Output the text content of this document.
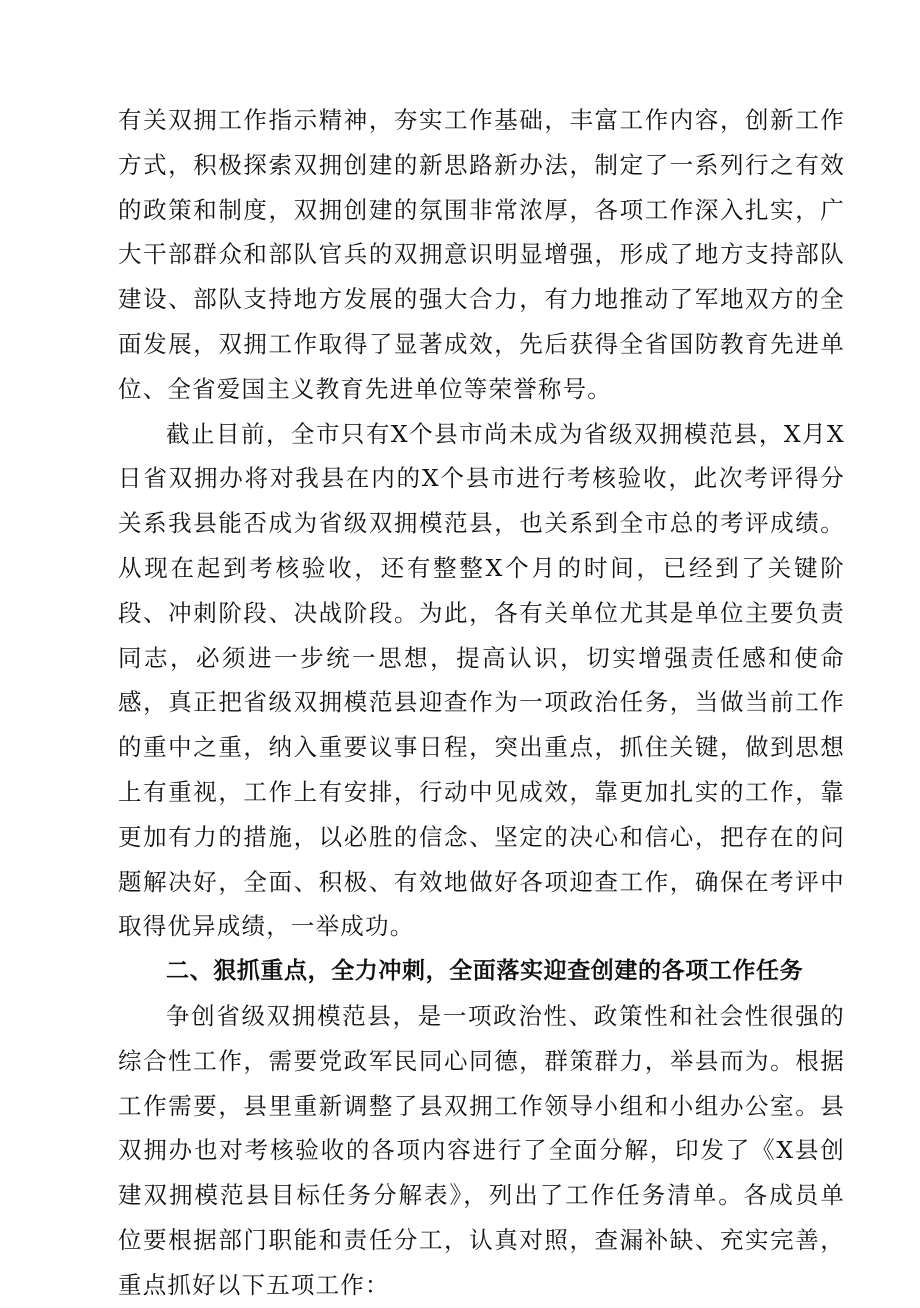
有关双拥工作指示精神，夯实工作基础，丰富工作内容，创新工作方式，积极探索双拥创建的新思路新办法，制定了一系列行之有效的政策和制度，双拥创建的氛围非常浓厚，各项工作深入扎实，广大干部群众和部队官兵的双拥意识明显增强，形成了地方支持部队建设、部队支持地方发展的强大合力，有力地推动了军地双方的全面发展，双拥工作取得了显著成效，先后获得全省国防教育先进单位、全省爱国主义教育先进单位等荣誉称号。

截止目前，全市只有X个县市尚未成为省级双拥模范县，X月X日省双拥办将对我县在内的X个县市进行考核验收，此次考评得分关系我县能否成为省级双拥模范县，也关系到全市总的考评成绩。从现在起到考核验收，还有整整X个月的时间，已经到了关键阶段、冲刺阶段、决战阶段。为此，各有关单位尤其是单位主要负责同志，必须进一步统一思想，提高认识，切实增强责任感和使命感，真正把省级双拥模范县迎查作为一项政治任务，当做当前工作的重中之重，纳入重要议事日程，突出重点，抓住关键，做到思想上有重视，工作上有安排，行动中见成效，靠更加扎实的工作，靠更加有力的措施，以必胜的信念、坚定的决心和信心，把存在的问题解决好，全面、积极、有效地做好各项迎查工作，确保在考评中取得优异成绩，一举成功。

二、狠抓重点，全力冲刺，全面落实迎查创建的各项工作任务

争创省级双拥模范县，是一项政治性、政策性和社会性很强的综合性工作，需要党政军民同心同德，群策群力，举县而为。根据工作需要，县里重新调整了县双拥工作领导小组和小组办公室。县双拥办也对考核验收的各项内容进行了全面分解，印发了《X县创建双拥模范县目标任务分解表》，列出了工作任务清单。各成员单位要根据部门职能和责任分工，认真对照，查漏补缺、充实完善，重点抓好以下五项工作：
